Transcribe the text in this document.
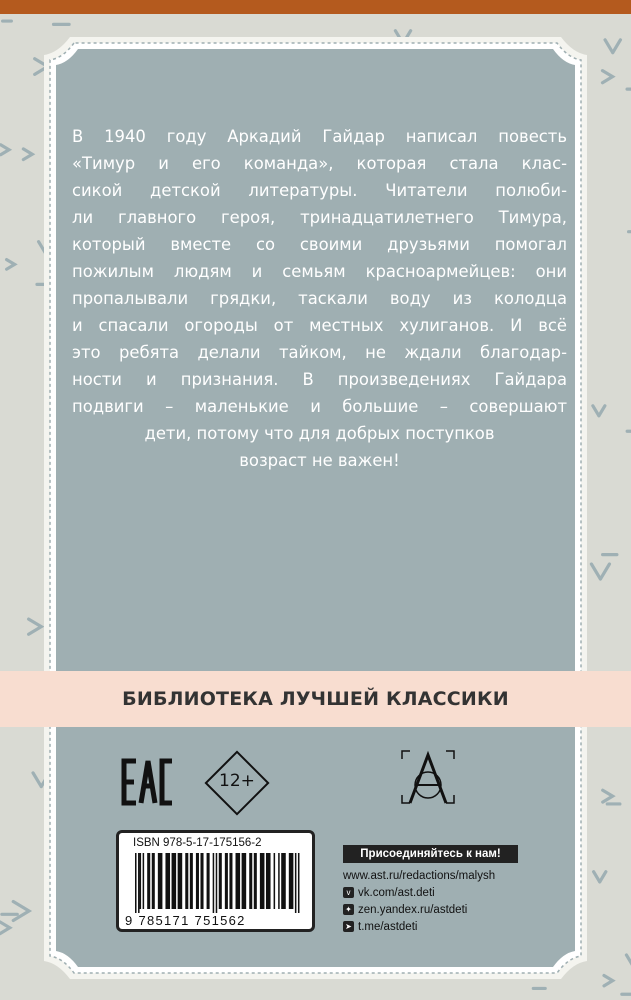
В 1940 году Аркадий Гайдар написал повесть
«Тимур и его команда», которая стала клас-
сикой детской литературы. Читатели полюби-
ли главного героя, тринадцатилетнего Тимура,
который вместе со своими друзьями помогал
пожилым людям и семьям красноармейцев: они
пропалывали грядки, таскали воду из колодца
и спасали огороды от местных хулиганов. И всё
это ребята делали тайком, не ждали благодар-
ности и признания. В произведениях Гайдара
подвиги – маленькие и большие – совершают
дети, потому что для добрых поступков
возраст не важен!
БИБЛИОТЕКА ЛУЧШЕЙ КЛАССИКИ
12+
ISBN 978-5-17-175156-2
9 785171 751562
Присоединяйтесь к нам!
www.ast.ru/redactions/malysh
v vk.com/ast.deti
✦ zen.yandex.ru/astdeti
➤ t.me/astdeti
